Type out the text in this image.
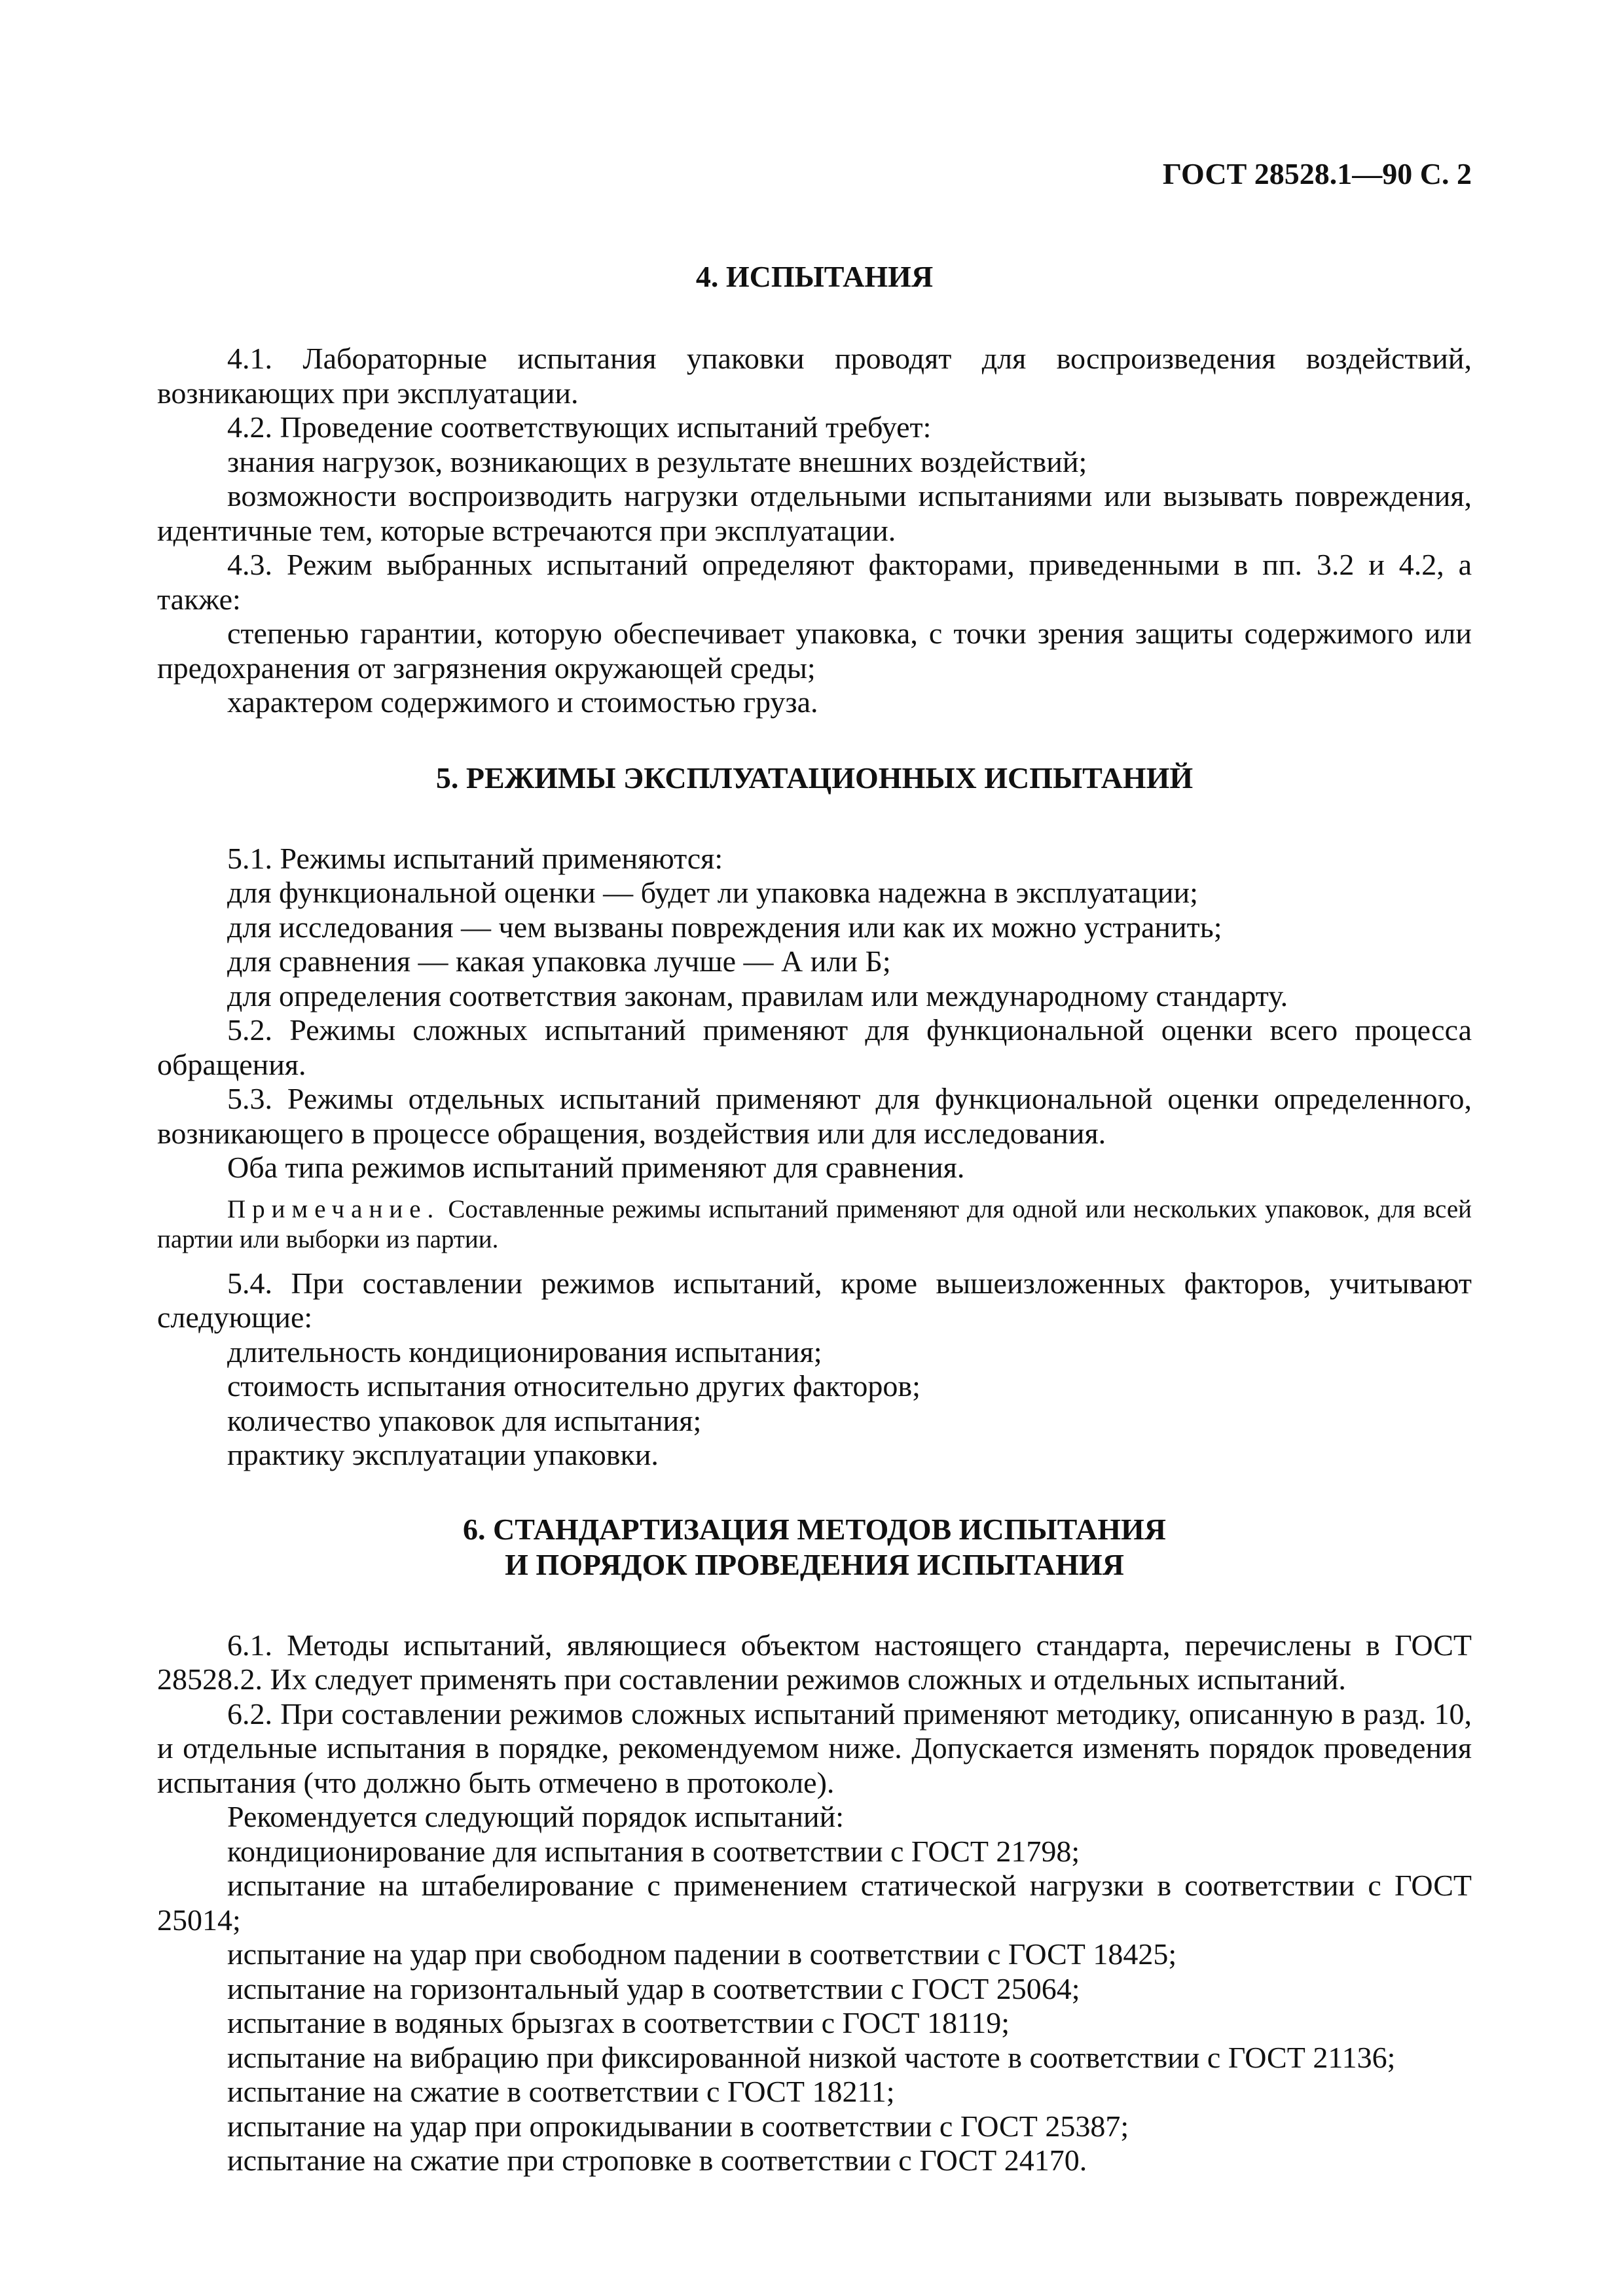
ГОСТ 28528.1—90 С. 2
4. ИСПЫТАНИЯ

4.1. Лабораторные испытания упаковки проводят для воспроизведения воздействий, возникающих при эксплуатации.

4.2. Проведение соответствующих испытаний требует:

знания нагрузок, возникающих в результате внешних воздействий;

возможности воспроизводить нагрузки отдельными испытаниями или вызывать повреждения, идентичные тем, которые встречаются при эксплуатации.

4.3. Режим выбранных испытаний определяют факторами, приведенными в пп. 3.2 и 4.2, а также:

степенью гарантии, которую обеспечивает упаковка, с точки зрения защиты содержимого или предохранения от загрязнения окружающей среды;

характером содержимого и стоимостью груза.

5. РЕЖИМЫ ЭКСПЛУАТАЦИОННЫХ ИСПЫТАНИЙ

5.1. Режимы испытаний применяются:

для функциональной оценки — будет ли упаковка надежна в эксплуатации;

для исследования — чем вызваны повреждения или как их можно устранить;

для сравнения — какая упаковка лучше — А или Б;

для определения соответствия законам, правилам или международному стандарту.

5.2. Режимы сложных испытаний применяют для функциональной оценки всего процесса обращения.

5.3. Режимы отдельных испытаний применяют для функциональной оценки определенного, возникающего в процессе обращения, воздействия или для исследования.

Оба типа режимов испытаний применяют для сравнения.

Примечание. Составленные режимы испытаний применяют для одной или нескольких упаковок, для всей партии или выборки из партии.

5.4. При составлении режимов испытаний, кроме вышеизложенных факторов, учитывают следующие:

длительность кондиционирования испытания;

стоимость испытания относительно других факторов;

количество упаковок для испытания;

практику эксплуатации упаковки.

6. СТАНДАРТИЗАЦИЯ МЕТОДОВ ИСПЫТАНИЯ
И ПОРЯДОК ПРОВЕДЕНИЯ ИСПЫТАНИЯ

6.1. Методы испытаний, являющиеся объектом настоящего стандарта, перечислены в ГОСТ 28528.2. Их следует применять при составлении режимов сложных и отдельных испытаний.

6.2. При составлении режимов сложных испытаний применяют методику, описанную в разд. 10, и отдельные испытания в порядке, рекомендуемом ниже. Допускается изменять порядок проведения испытания (что должно быть отмечено в протоколе).

Рекомендуется следующий порядок испытаний:

кондиционирование для испытания в соответствии с ГОСТ 21798;

испытание на штабелирование с применением статической нагрузки в соответствии с ГОСТ 25014;

испытание на удар при свободном падении в соответствии с ГОСТ 18425;

испытание на горизонтальный удар в соответствии с ГОСТ 25064;

испытание в водяных брызгах в соответствии с ГОСТ 18119;

испытание на вибрацию при фиксированной низкой частоте в соответствии с ГОСТ 21136;

испытание на сжатие в соответствии с ГОСТ 18211;

испытание на удар при опрокидывании в соответствии с ГОСТ 25387;

испытание на сжатие при строповке в соответствии с ГОСТ 24170.
